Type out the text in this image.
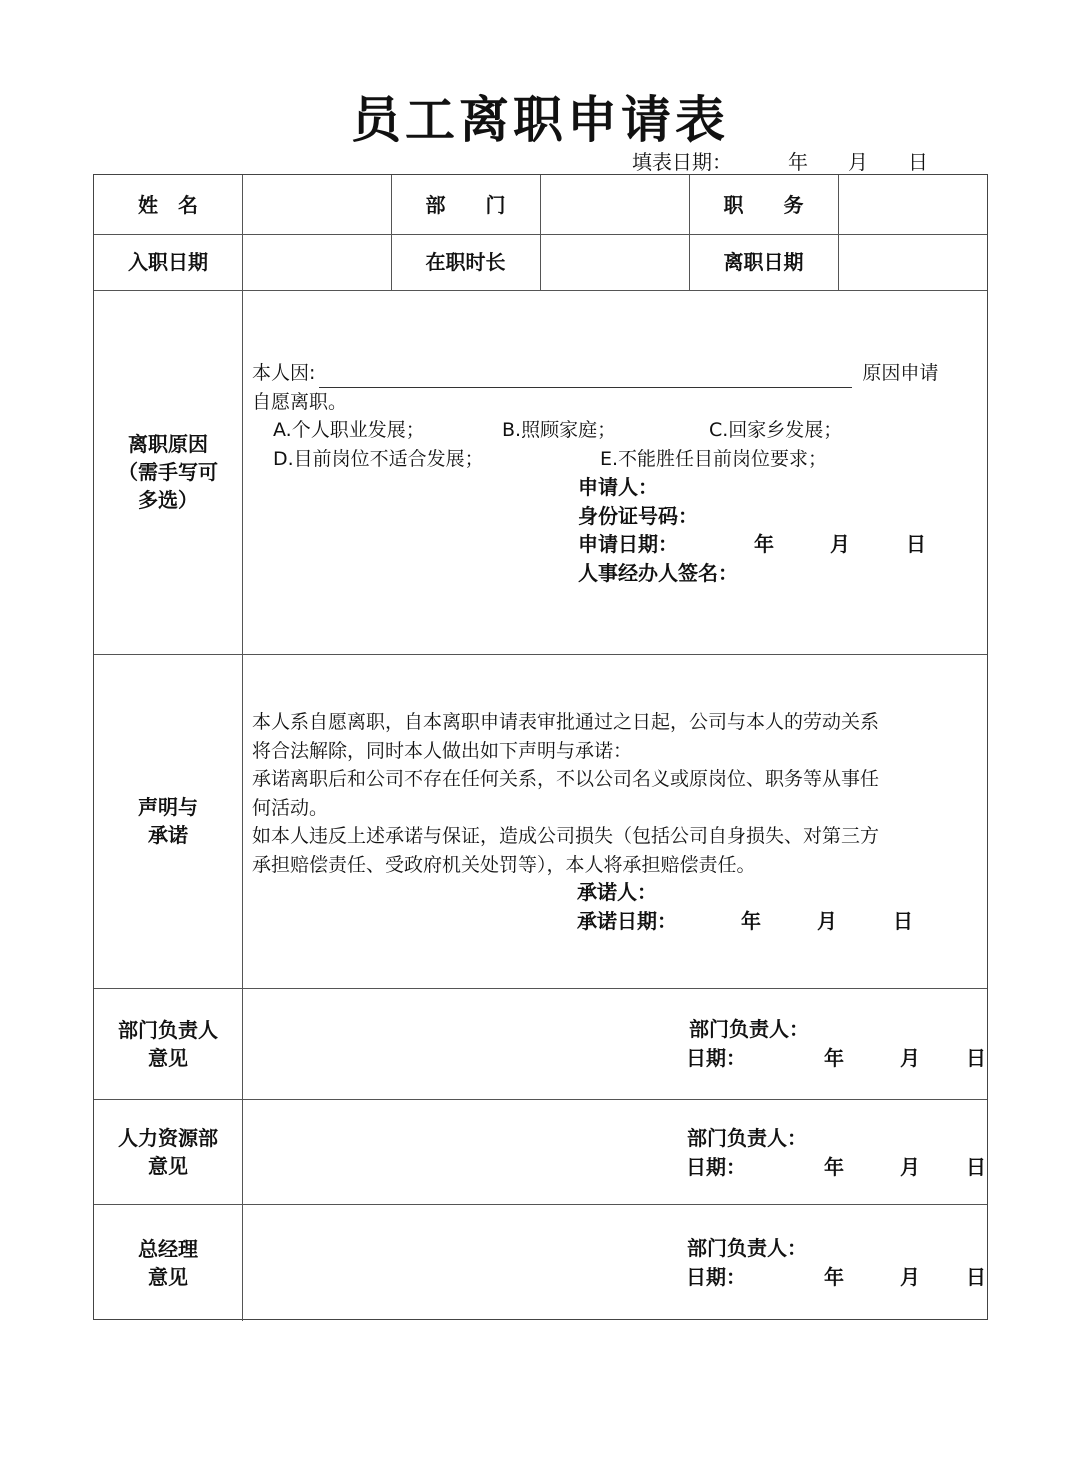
员工离职申请表
填表日期：	年 月 日
姓　名	部　　门	职　　务
入职日期	在职时长	离职日期
离职原因
（需手写可
多选）
本人因:	原因申请
自愿离职。
A.个人职业发展；	B.照顾家庭；	C.回家乡发展；
D.目前岗位不适合发展；	E.不能胜任目前岗位要求；
申请人：
身份证号码：
申请日期：	年	月	日
人事经办人签名：
声明与
承诺
本人系自愿离职，自本离职申请表审批通过之日起，公司与本人的劳动关系
将合法解除，同时本人做出如下声明与承诺：
承诺离职后和公司不存在任何关系，不以公司名义或原岗位、职务等从事任
何活动。
如本人违反上述承诺与保证，造成公司损失（包括公司自身损失、对第三方
承担赔偿责任、受政府机关处罚等），本人将承担赔偿责任。
承诺人：
承诺日期：	年	月	日
部门负责人
意见
部门负责人：
日期：	年	月 日
人力资源部
意见
部门负责人：
日期：	年	月 日
总经理
意见
部门负责人：
日期：	年	月 日
